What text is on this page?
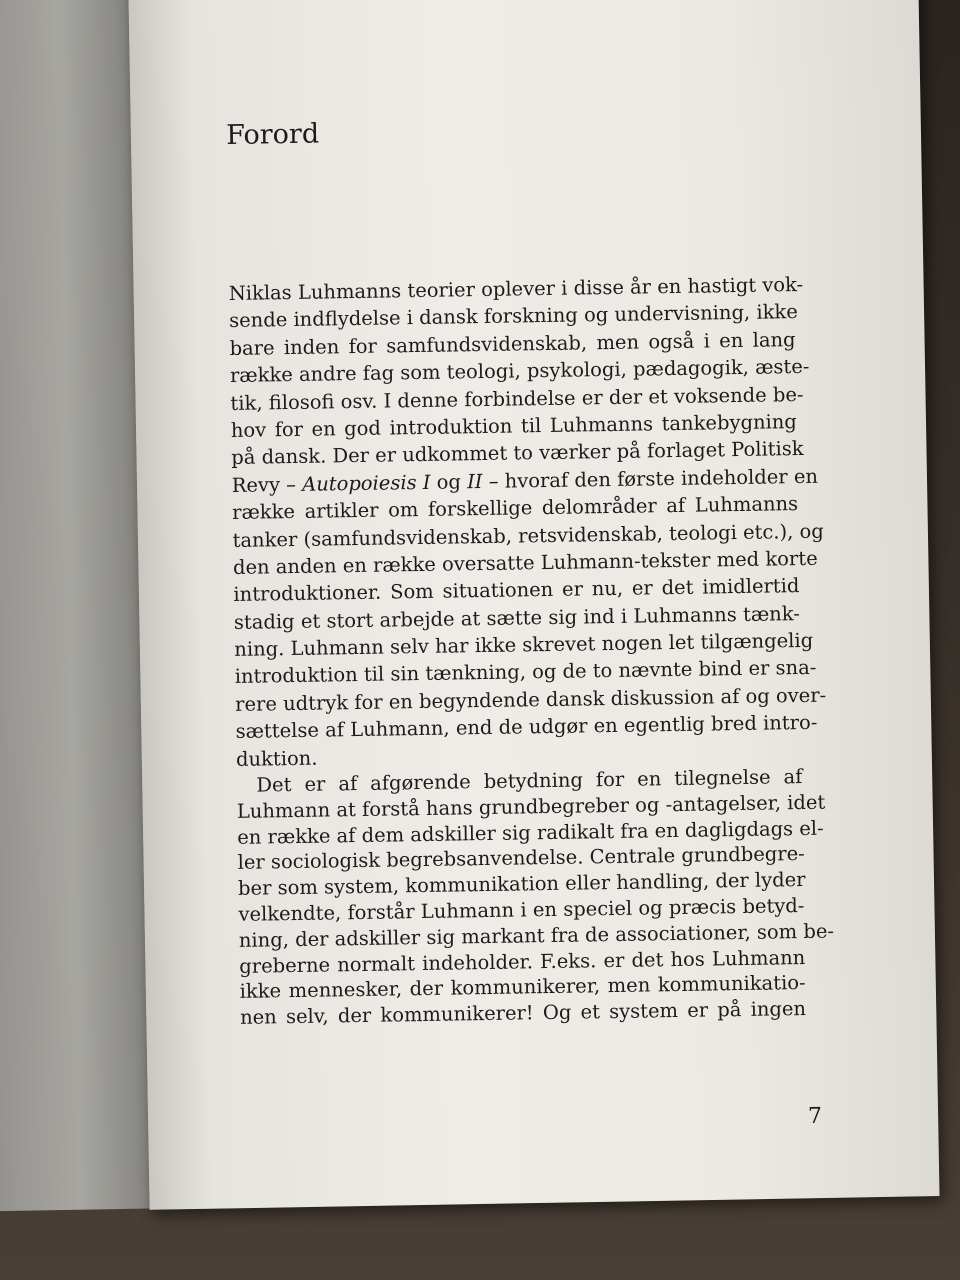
Forord
Niklas Luhmanns teorier oplever i disse år en hastigt vok-
sende indflydelse i dansk forskning og undervisning, ikke
bare inden for samfundsvidenskab, men også i en lang
række andre fag som teologi, psykologi, pædagogik, æste-
tik, filosofi osv. I denne forbindelse er der et voksende be-
hov for en god introduktion til Luhmanns tankebygning
på dansk. Der er udkommet to værker på forlaget Politisk
Revy – Autopoiesis I og II – hvoraf den første indeholder en
række artikler om forskellige delområder af Luhmanns
tanker (samfundsvidenskab, retsvidenskab, teologi etc.), og
den anden en række oversatte Luhmann-tekster med korte
introduktioner. Som situationen er nu, er det imidlertid
stadig et stort arbejde at sætte sig ind i Luhmanns tænk-
ning. Luhmann selv har ikke skrevet nogen let tilgængelig
introduktion til sin tænkning, og de to nævnte bind er sna-
rere udtryk for en begyndende dansk diskussion af og over-
sættelse af Luhmann, end de udgør en egentlig bred intro-
duktion.
Det er af afgørende betydning for en tilegnelse af
Luhmann at forstå hans grundbegreber og -antagelser, idet
en række af dem adskiller sig radikalt fra en dagligdags el-
ler sociologisk begrebsanvendelse. Centrale grundbegre-
ber som system, kommunikation eller handling, der lyder
velkendte, forstår Luhmann i en speciel og præcis betyd-
ning, der adskiller sig markant fra de associationer, som be-
greberne normalt indeholder. F.eks. er det hos Luhmann
ikke mennesker, der kommunikerer, men kommunikatio-
nen selv, der kommunikerer! Og et system er på ingen
7
